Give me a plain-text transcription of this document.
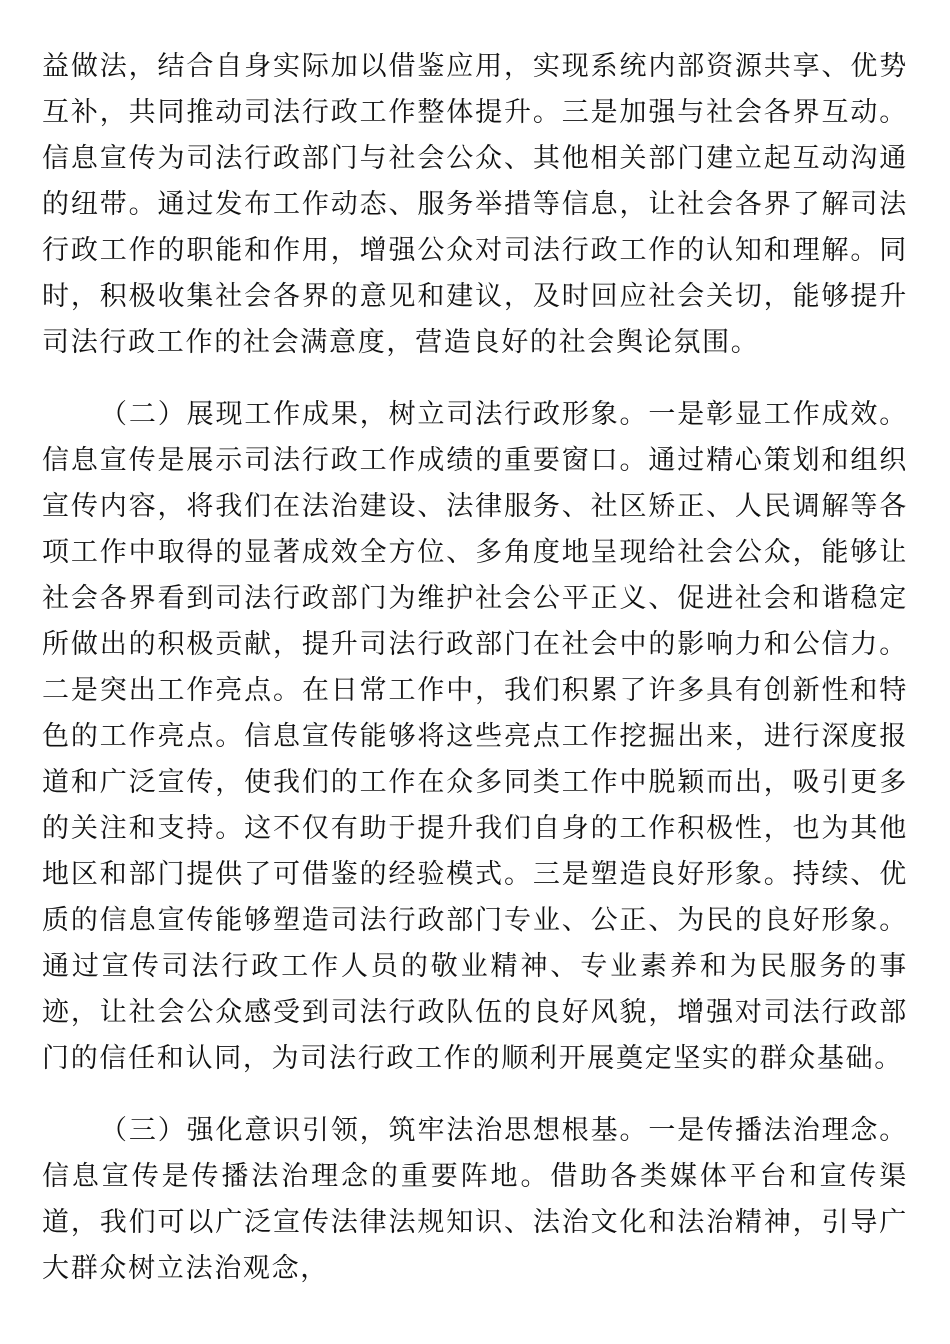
益做法，结合自身实际加以借鉴应用，实现系统内部资源共享、优势互补，共同推动司法行政工作整体提升。三是加强与社会各界互动。信息宣传为司法行政部门与社会公众、其他相关部门建立起互动沟通的纽带。通过发布工作动态、服务举措等信息，让社会各界了解司法行政工作的职能和作用，增强公众对司法行政工作的认知和理解。同时，积极收集社会各界的意见和建议，及时回应社会关切，能够提升司法行政工作的社会满意度，营造良好的社会舆论氛围。

（二）展现工作成果，树立司法行政形象。一是彰显工作成效。信息宣传是展示司法行政工作成绩的重要窗口。通过精心策划和组织宣传内容，将我们在法治建设、法律服务、社区矫正、人民调解等各项工作中取得的显著成效全方位、多角度地呈现给社会公众，能够让社会各界看到司法行政部门为维护社会公平正义、促进社会和谐稳定所做出的积极贡献，提升司法行政部门在社会中的影响力和公信力。二是突出工作亮点。在日常工作中，我们积累了许多具有创新性和特色的工作亮点。信息宣传能够将这些亮点工作挖掘出来，进行深度报道和广泛宣传，使我们的工作在众多同类工作中脱颖而出，吸引更多的关注和支持。这不仅有助于提升我们自身的工作积极性，也为其他地区和部门提供了可借鉴的经验模式。三是塑造良好形象。持续、优质的信息宣传能够塑造司法行政部门专业、公正、为民的良好形象。通过宣传司法行政工作人员的敬业精神、专业素养和为民服务的事迹，让社会公众感受到司法行政队伍的良好风貌，增强对司法行政部门的信任和认同，为司法行政工作的顺利开展奠定坚实的群众基础。

（三）强化意识引领，筑牢法治思想根基。一是传播法治理念。信息宣传是传播法治理念的重要阵地。借助各类媒体平台和宣传渠道，我们可以广泛宣传法律法规知识、法治文化和法治精神，引导广大群众树立法治观念，
